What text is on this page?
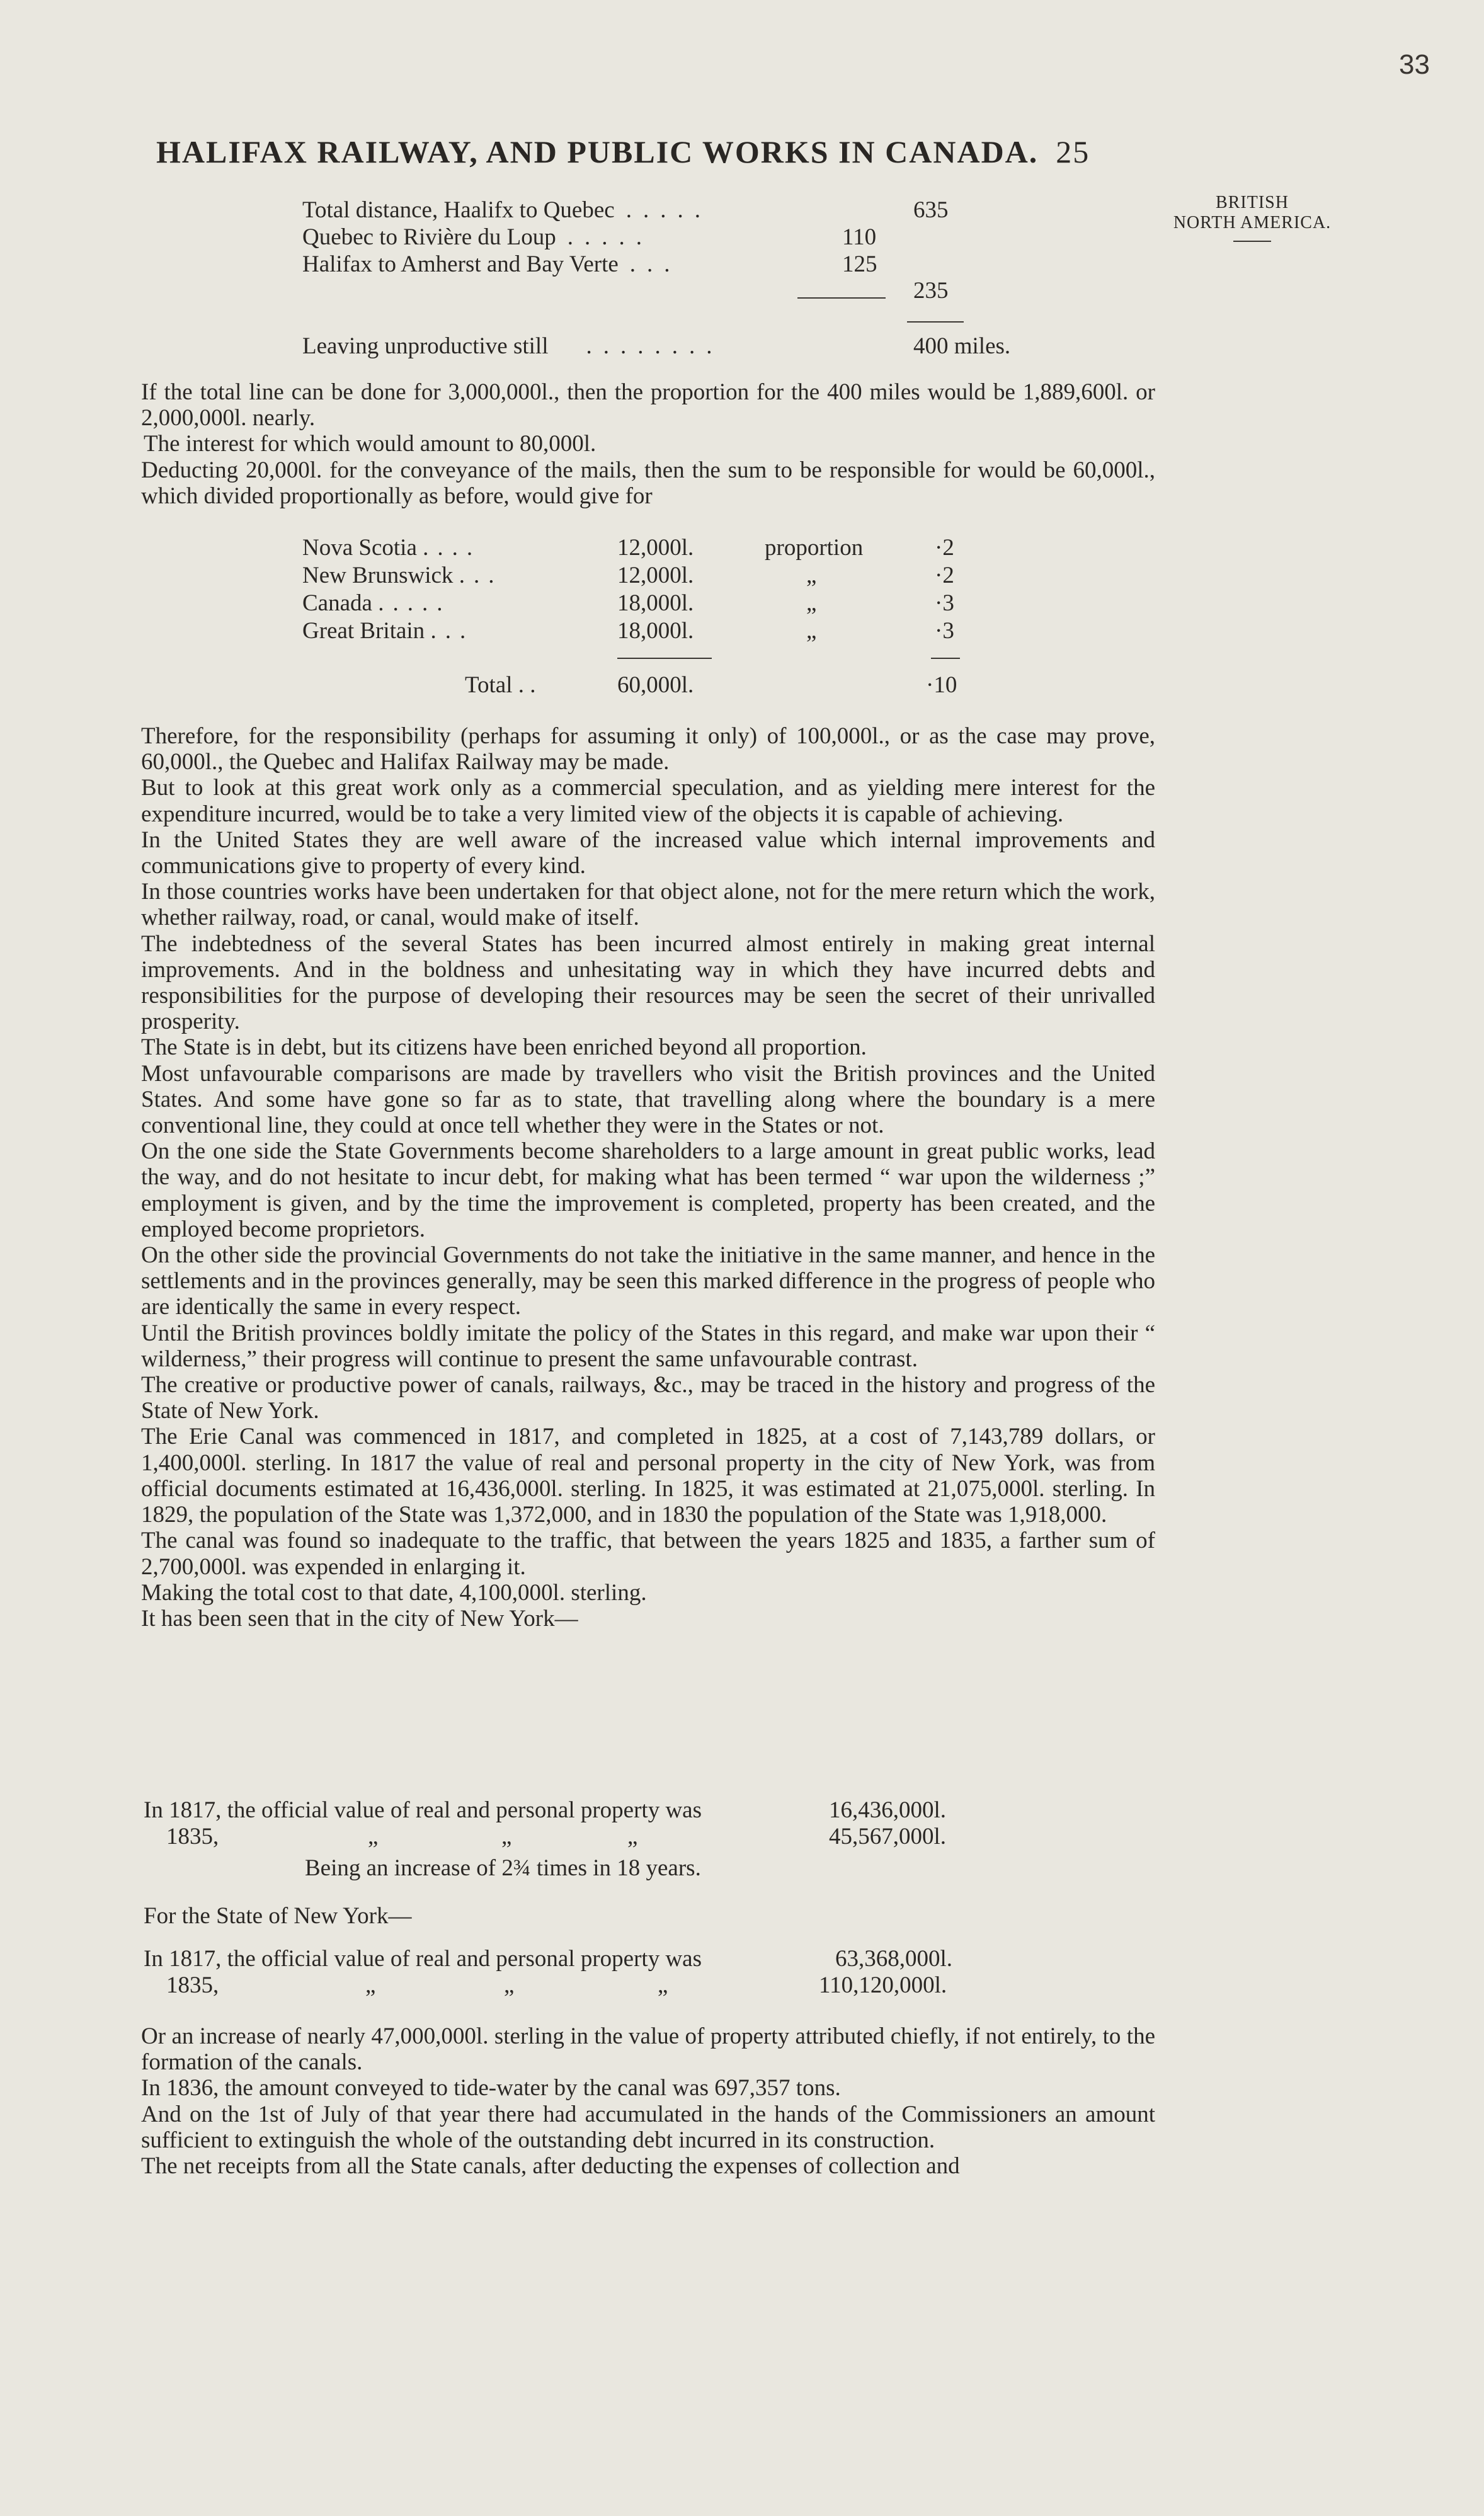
33
HALIFAX RAILWAY, AND PUBLIC WORKS IN CANADA. 25
BRITISH
NORTH AMERICA.
Total distance, Haalifx to Quebec .....	635
Quebec to Rivière du Loup .....	110
Halifax to Amherst and Bay Verte ...	125
235
Leaving unproductive still ........	400 miles.

If the total line can be done for 3,000,000l., then the proportion for the 400 miles would be 1,889,600l. or 2,000,000l. nearly.

The interest for which would amount to 80,000l.

Deducting 20,000l. for the conveyance of the mails, then the sum to be responsible for would be 60,000l., which divided proportionally as before, would give for

Nova Scotia ....	12,000l.	proportion	·2
New Brunswick ...	12,000l.	„	·2
Canada .....	18,000l.	„	·3
Great Britain ...	18,000l.	„	·3
Total . .	60,000l.	·10

Therefore, for the responsibility (perhaps for assuming it only) of 100,000l., or as the case may prove, 60,000l., the Quebec and Halifax Railway may be made.

But to look at this great work only as a commercial speculation, and as yielding mere interest for the expenditure incurred, would be to take a very limited view of the objects it is capable of achieving.

In the United States they are well aware of the increased value which internal improvements and communications give to property of every kind.

In those countries works have been undertaken for that object alone, not for the mere return which the work, whether railway, road, or canal, would make of itself.

The indebtedness of the several States has been incurred almost entirely in making great internal improvements. And in the boldness and unhesitating way in which they have incurred debts and responsibilities for the purpose of developing their resources may be seen the secret of their unrivalled prosperity.

The State is in debt, but its citizens have been enriched beyond all proportion.

Most unfavourable comparisons are made by travellers who visit the British provinces and the United States. And some have gone so far as to state, that travelling along where the boundary is a mere conventional line, they could at once tell whether they were in the States or not.

On the one side the State Governments become shareholders to a large amount in great public works, lead the way, and do not hesitate to incur debt, for making what has been termed “ war upon the wilderness ;” employment is given, and by the time the improvement is completed, property has been created, and the employed become proprietors.

On the other side the provincial Governments do not take the initiative in the same manner, and hence in the settlements and in the provinces generally, may be seen this marked difference in the progress of people who are identically the same in every respect.

Until the British provinces boldly imitate the policy of the States in this regard, and make war upon their “ wilderness,” their progress will continue to present the same unfavourable contrast.

The creative or productive power of canals, railways, &c., may be traced in the history and progress of the State of New York.

The Erie Canal was commenced in 1817, and completed in 1825, at a cost of 7,143,789 dollars, or 1,400,000l. sterling. In 1817 the value of real and personal property in the city of New York, was from official documents estimated at 16,436,000l. sterling. In 1825, it was estimated at 21,075,000l. sterling. In 1829, the population of the State was 1,372,000, and in 1830 the population of the State was 1,918,000.

The canal was found so inadequate to the traffic, that between the years 1825 and 1835, a farther sum of 2,700,000l. was expended in enlarging it.

Making the total cost to that date, 4,100,000l. sterling.

It has been seen that in the city of New York—

In 1817, the official value of real and personal property was	16,436,000l.
1835,	„	„	„	45,567,000l.
Being an increase of 2¾ times in 18 years.
For the State of New York—
In 1817, the official value of real and personal property was	63,368,000l.
1835,	„	„	„	110,120,000l.

Or an increase of nearly 47,000,000l. sterling in the value of property attributed chiefly, if not entirely, to the formation of the canals.

In 1836, the amount conveyed to tide-water by the canal was 697,357 tons.

And on the 1st of July of that year there had accumulated in the hands of the Commissioners an amount sufficient to extinguish the whole of the outstanding debt incurred in its construction.

The net receipts from all the State canals, after deducting the expenses of collection and
